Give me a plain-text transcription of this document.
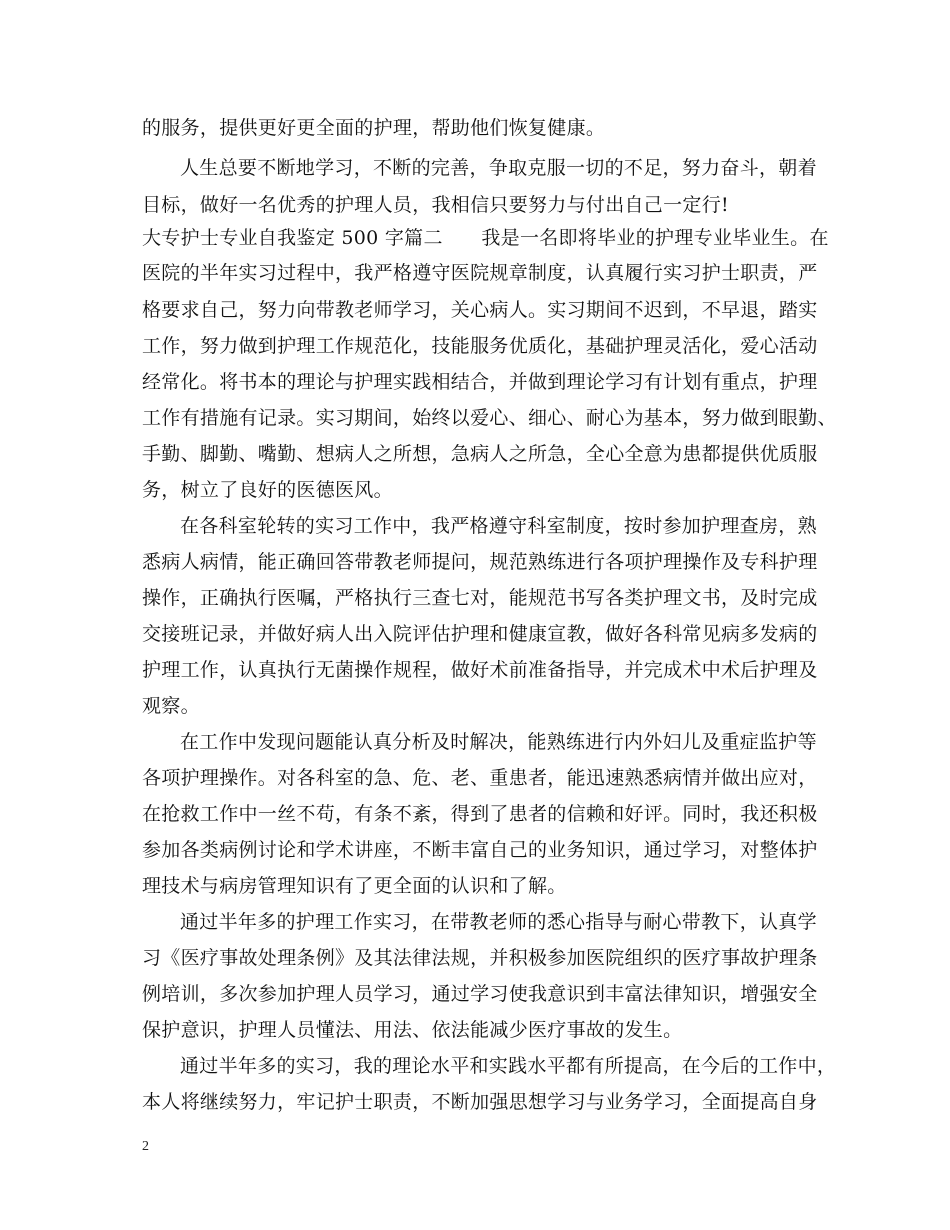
的服务，提供更好更全面的护理，帮助他们恢复健康。
人生总要不断地学习，不断的完善，争取克服一切的不足，努力奋斗，朝着
目标，做好一名优秀的护理人员，我相信只要努力与付出自己一定行!
大专护士专业自我鉴定 500 字篇二　　我是一名即将毕业的护理专业毕业生。在
医院的半年实习过程中，我严格遵守医院规章制度，认真履行实习护士职责，严
格要求自己，努力向带教老师学习，关心病人。实习期间不迟到，不早退，踏实
工作，努力做到护理工作规范化，技能服务优质化，基础护理灵活化，爱心活动
经常化。将书本的理论与护理实践相结合，并做到理论学习有计划有重点，护理
工作有措施有记录。实习期间，始终以爱心、细心、耐心为基本，努力做到眼勤、
手勤、脚勤、嘴勤、想病人之所想，急病人之所急，全心全意为患都提供优质服
务，树立了良好的医德医风。
在各科室轮转的实习工作中，我严格遵守科室制度，按时参加护理查房，熟
悉病人病情，能正确回答带教老师提问，规范熟练进行各项护理操作及专科护理
操作，正确执行医嘱，严格执行三查七对，能规范书写各类护理文书，及时完成
交接班记录，并做好病人出入院评估护理和健康宣教，做好各科常见病多发病的
护理工作，认真执行无菌操作规程，做好术前准备指导，并完成术中术后护理及
观察。
在工作中发现问题能认真分析及时解决，能熟练进行内外妇儿及重症监护等
各项护理操作。对各科室的急、危、老、重患者，能迅速熟悉病情并做出应对，
在抢救工作中一丝不苟，有条不紊，得到了患者的信赖和好评。同时，我还积极
参加各类病例讨论和学术讲座，不断丰富自己的业务知识，通过学习，对整体护
理技术与病房管理知识有了更全面的认识和了解。
通过半年多的护理工作实习，在带教老师的悉心指导与耐心带教下，认真学
习《医疗事故处理条例》及其法律法规，并积极参加医院组织的医疗事故护理条
例培训，多次参加护理人员学习，通过学习使我意识到丰富法律知识，增强安全
保护意识，护理人员懂法、用法、依法能减少医疗事故的发生。
通过半年多的实习，我的理论水平和实践水平都有所提高，在今后的工作中，
本人将继续努力，牢记护士职责，不断加强思想学习与业务学习，全面提高自身
2
